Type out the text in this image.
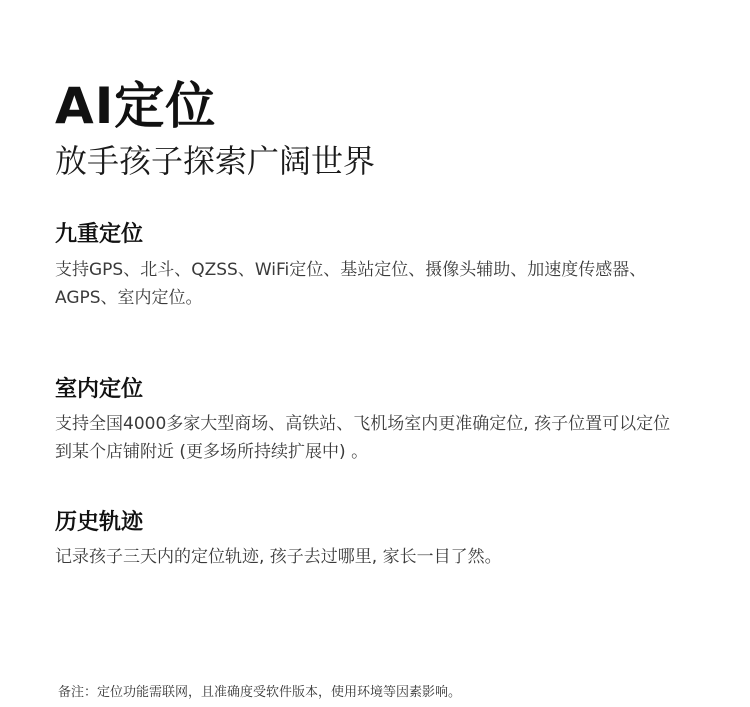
AI定位
放手孩子探索广阔世界
九重定位
支持GPS、北斗、QZSS、WiFi定位、基站定位、摄像头辅助、加速度传感器、AGPS、室内定位。
室内定位
支持全国4000多家大型商场、高铁站、飞机场室内更准确定位, 孩子位置可以定位到某个店铺附近 (更多场所持续扩展中) 。
历史轨迹
记录孩子三天内的定位轨迹, 孩子去过哪里, 家长一目了然。
备注：定位功能需联网，且准确度受软件版本，使用环境等因素影响。
